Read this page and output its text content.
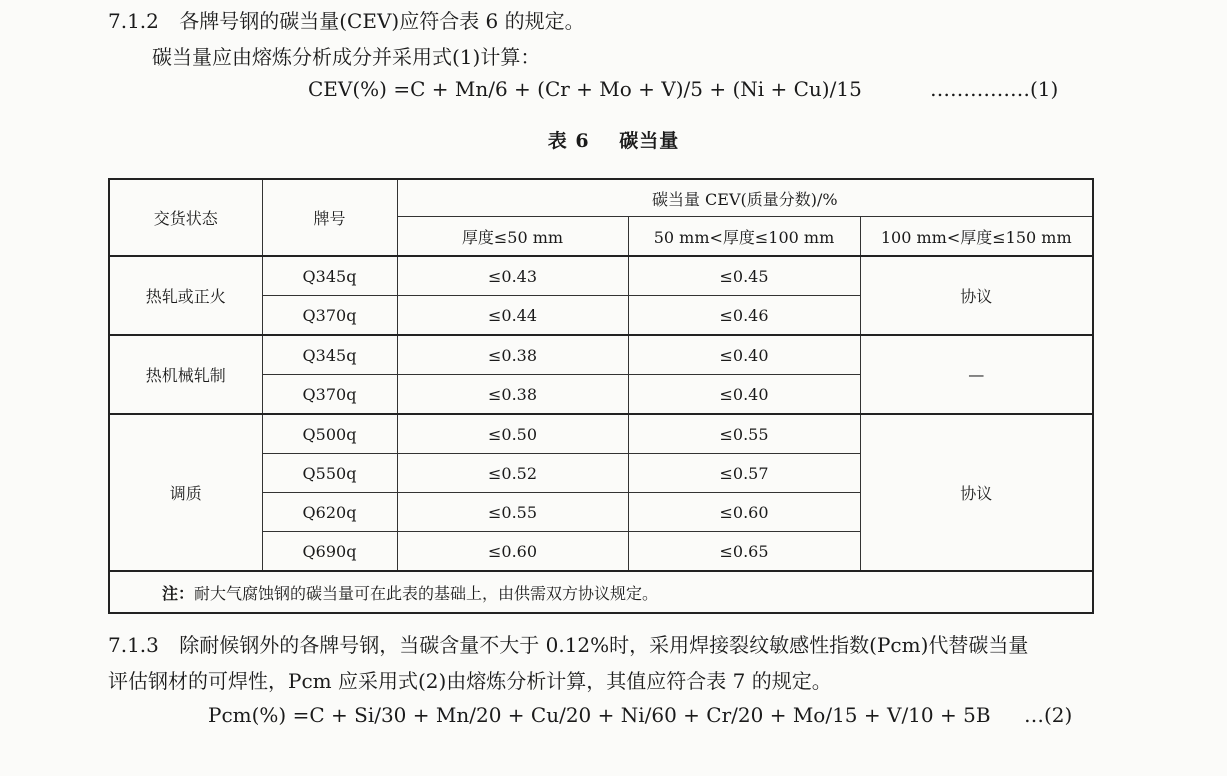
7.1.2 各牌号钢的碳当量(CEV)应符合表 6 的规定。
碳当量应由熔炼分析成分并采用式(1)计算：
CEV(%) =C + Mn/6 + (Cr + Mo + V)/5 + (Ni + Cu)/15	……………(1)
表 6 碳当量
交货状态	牌号	碳当量 CEV(质量分数)/%		
		厚度≤50 mm	50 mm<厚度≤100 mm	100 mm<厚度≤150 mm
热轧或正火	Q345q	≤0.43	≤0.45	协议
	Q370q	≤0.44	≤0.46	
热机械轧制	Q345q	≤0.38	≤0.40	—
	Q370q	≤0.38	≤0.40	
调质	Q500q	≤0.50	≤0.55	协议
	Q550q	≤0.52	≤0.57	
	Q620q	≤0.55	≤0.60	
	Q690q	≤0.60	≤0.65	
注：耐大气腐蚀钢的碳当量可在此表的基础上，由供需双方协议规定。				
7.1.3 除耐候钢外的各牌号钢，当碳含量不大于 0.12%时，采用焊接裂纹敏感性指数(Pcm)代替碳当量
评估钢材的可焊性，Pcm 应采用式(2)由熔炼分析计算，其值应符合表 7 的规定。
Pcm(%) =C + Si/30 + Mn/20 + Cu/20 + Ni/60 + Cr/20 + Mo/15 + V/10 + 5B …(2)
